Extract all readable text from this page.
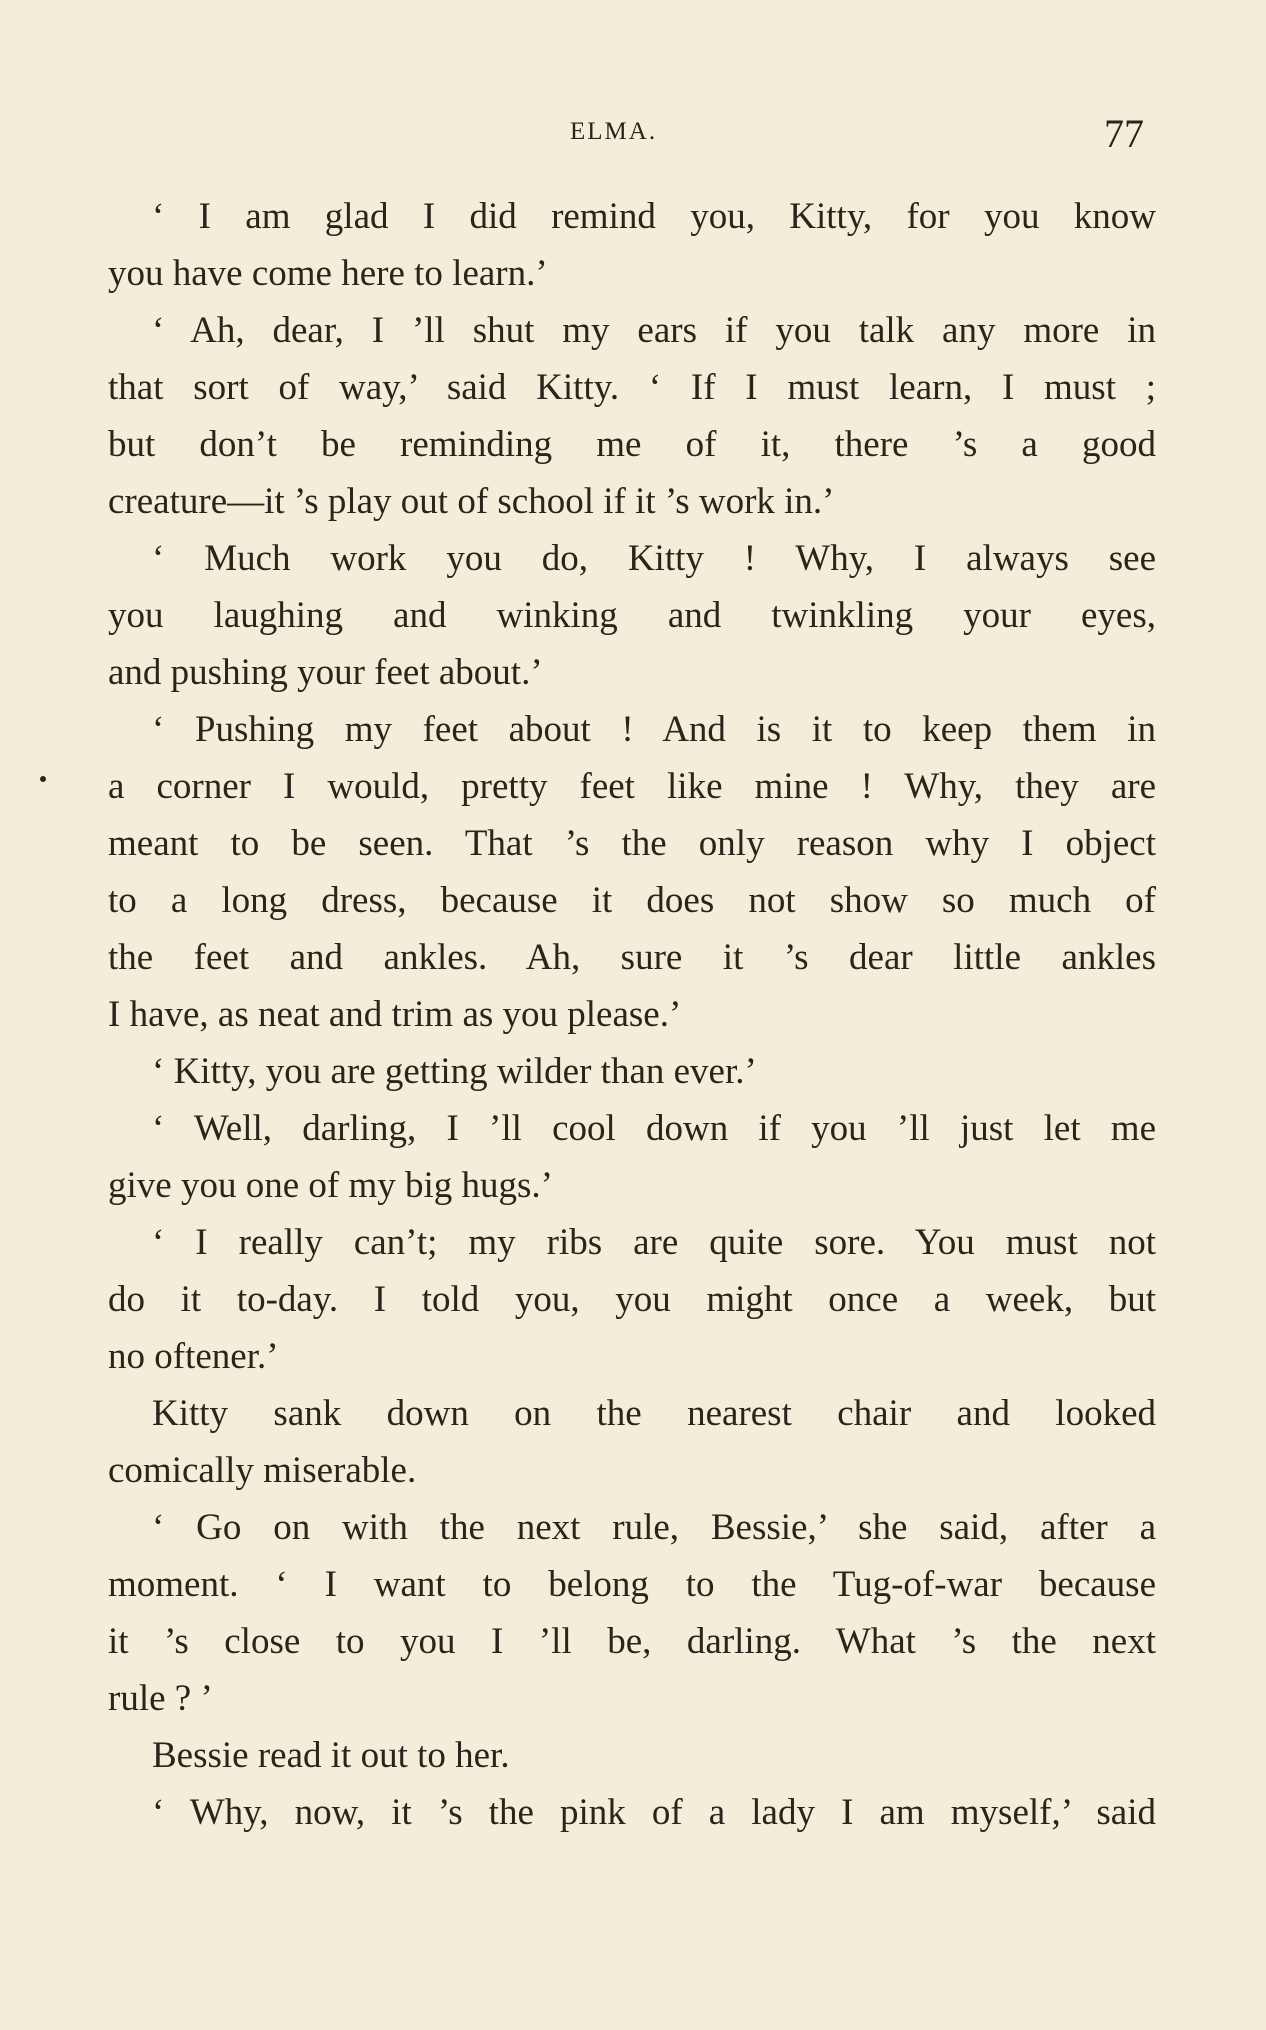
ELMA.	77
‘ I am glad I did remind you, Kitty, for you know
you have come here to learn.’
‘ Ah, dear, I ’ll shut my ears if you talk any more in
that sort of way,’ said Kitty. ‘ If I must learn, I must ;
but don’t be reminding me of it, there ’s a good
creature—it ’s play out of school if it ’s work in.’
‘ Much work you do, Kitty ! Why, I always see
you laughing and winking and twinkling your eyes,
and pushing your feet about.’
‘ Pushing my feet about ! And is it to keep them in
a corner I would, pretty feet like mine ! Why, they are
meant to be seen. That ’s the only reason why I object
to a long dress, because it does not show so much of
the feet and ankles. Ah, sure it ’s dear little ankles
I have, as neat and trim as you please.’
‘ Kitty, you are getting wilder than ever.’
‘ Well, darling, I ’ll cool down if you ’ll just let me
give you one of my big hugs.’
‘ I really can’t; my ribs are quite sore. You must not
do it to-day. I told you, you might once a week, but
no oftener.’
Kitty sank down on the nearest chair and looked
comically miserable.
‘ Go on with the next rule, Bessie,’ she said, after a
moment. ‘ I want to belong to the Tug-of-war because
it ’s close to you I ’ll be, darling. What ’s the next
rule ? ’
Bessie read it out to her.
‘ Why, now, it ’s the pink of a lady I am myself,’ said
